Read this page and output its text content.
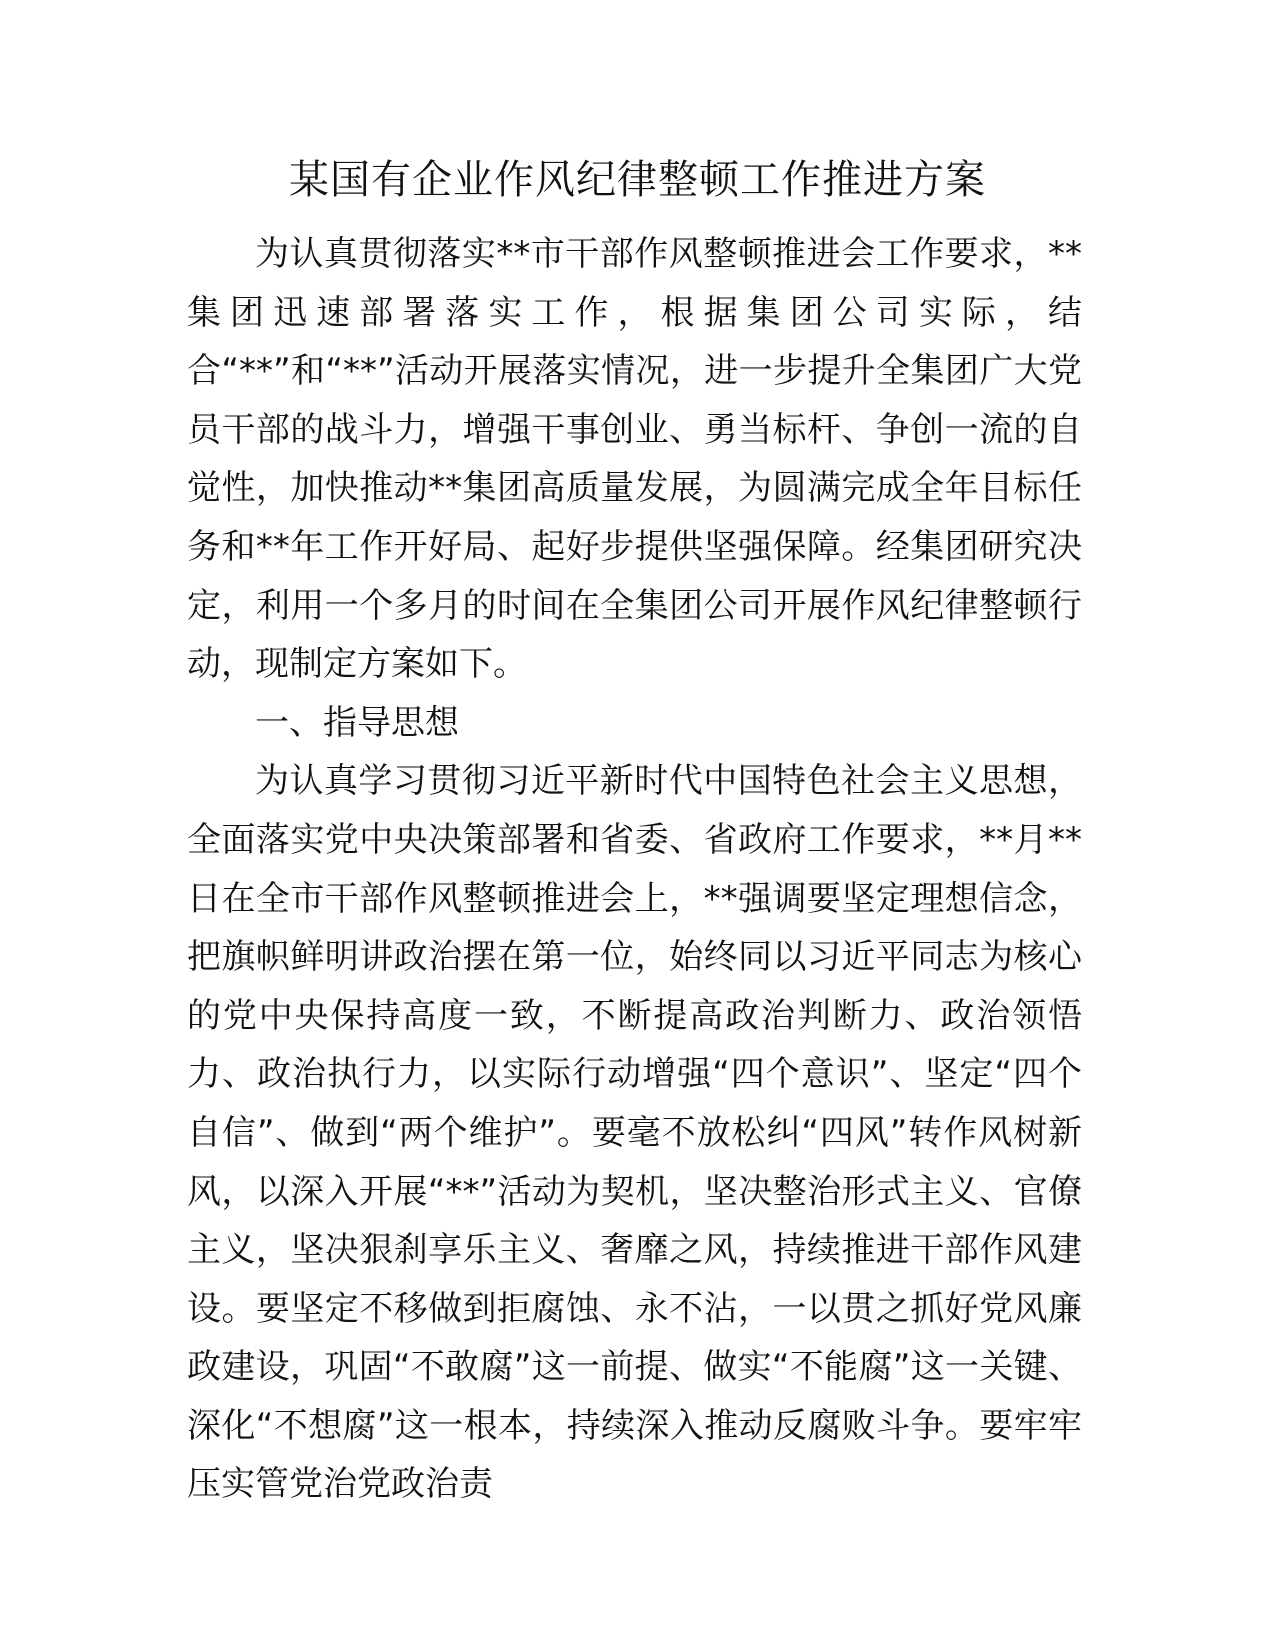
某国有企业作风纪律整顿工作推进方案

为认真贯彻落实**市干部作风整顿推进会工作要求，**集团迅速部署落实工作，根据集团公司实际，结合“**”和“**”活动开展落实情况，进一步提升全集团广大党员干部的战斗力，增强干事创业、勇当标杆、争创一流的自觉性，加快推动**集团高质量发展，为圆满完成全年目标任务和**年工作开好局、起好步提供坚强保障。经集团研究决定，利用一个多月的时间在全集团公司开展作风纪律整顿行动，现制定方案如下。

一、指导思想

为认真学习贯彻习近平新时代中国特色社会主义思想，全面落实党中央决策部署和省委、省政府工作要求，**月**日在全市干部作风整顿推进会上，**强调要坚定理想信念，把旗帜鲜明讲政治摆在第一位，始终同以习近平同志为核心的党中央保持高度一致，不断提高政治判断力、政治领悟力、政治执行力，以实际行动增强“四个意识”、坚定“四个自信”、做到“两个维护”。要毫不放松纠“四风”转作风树新风，以深入开展“**”活动为契机，坚决整治形式主义、官僚主义，坚决狠刹享乐主义、奢靡之风，持续推进干部作风建设。要坚定不移做到拒腐蚀、永不沾，一以贯之抓好党风廉政建设，巩固“不敢腐”这一前提、做实“不能腐”这一关键、深化“不想腐”这一根本，持续深入推动反腐败斗争。要牢牢压实管党治党政治责
